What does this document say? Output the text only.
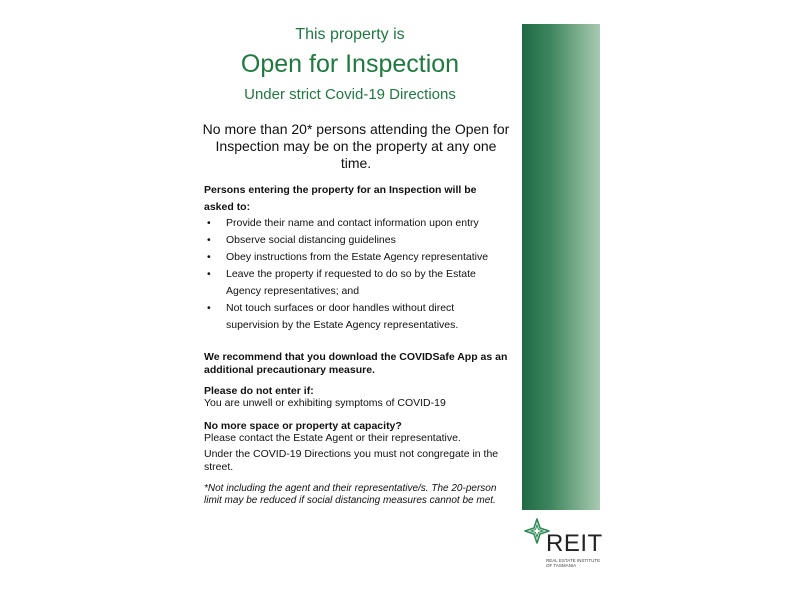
This property is
Open for Inspection
Under strict Covid-19 Directions
No more than 20* persons attending the Open for Inspection may be on the property at any one time.
Persons entering the property for an Inspection will be asked to:
• Provide their name and contact information upon entry
• Observe social distancing guidelines
• Obey instructions from the Estate Agency representative
• Leave the property if requested to do so by the Estate Agency representatives; and
• Not touch surfaces or door handles without direct supervision by the Estate Agency representatives.
We recommend that you download the COVIDSafe App as an additional precautionary measure.
Please do not enter if:
You are unwell or exhibiting symptoms of COVID-19
No more space or property at capacity?
Please contact the Estate Agent or their representative.
Under the COVID-19 Directions you must not congregate in the street.
*Not including the agent and their representative/s. The 20-person limit may be reduced if social distancing measures cannot be met.
REIT
REAL ESTATE INSTITUTE OF TASMANIA
